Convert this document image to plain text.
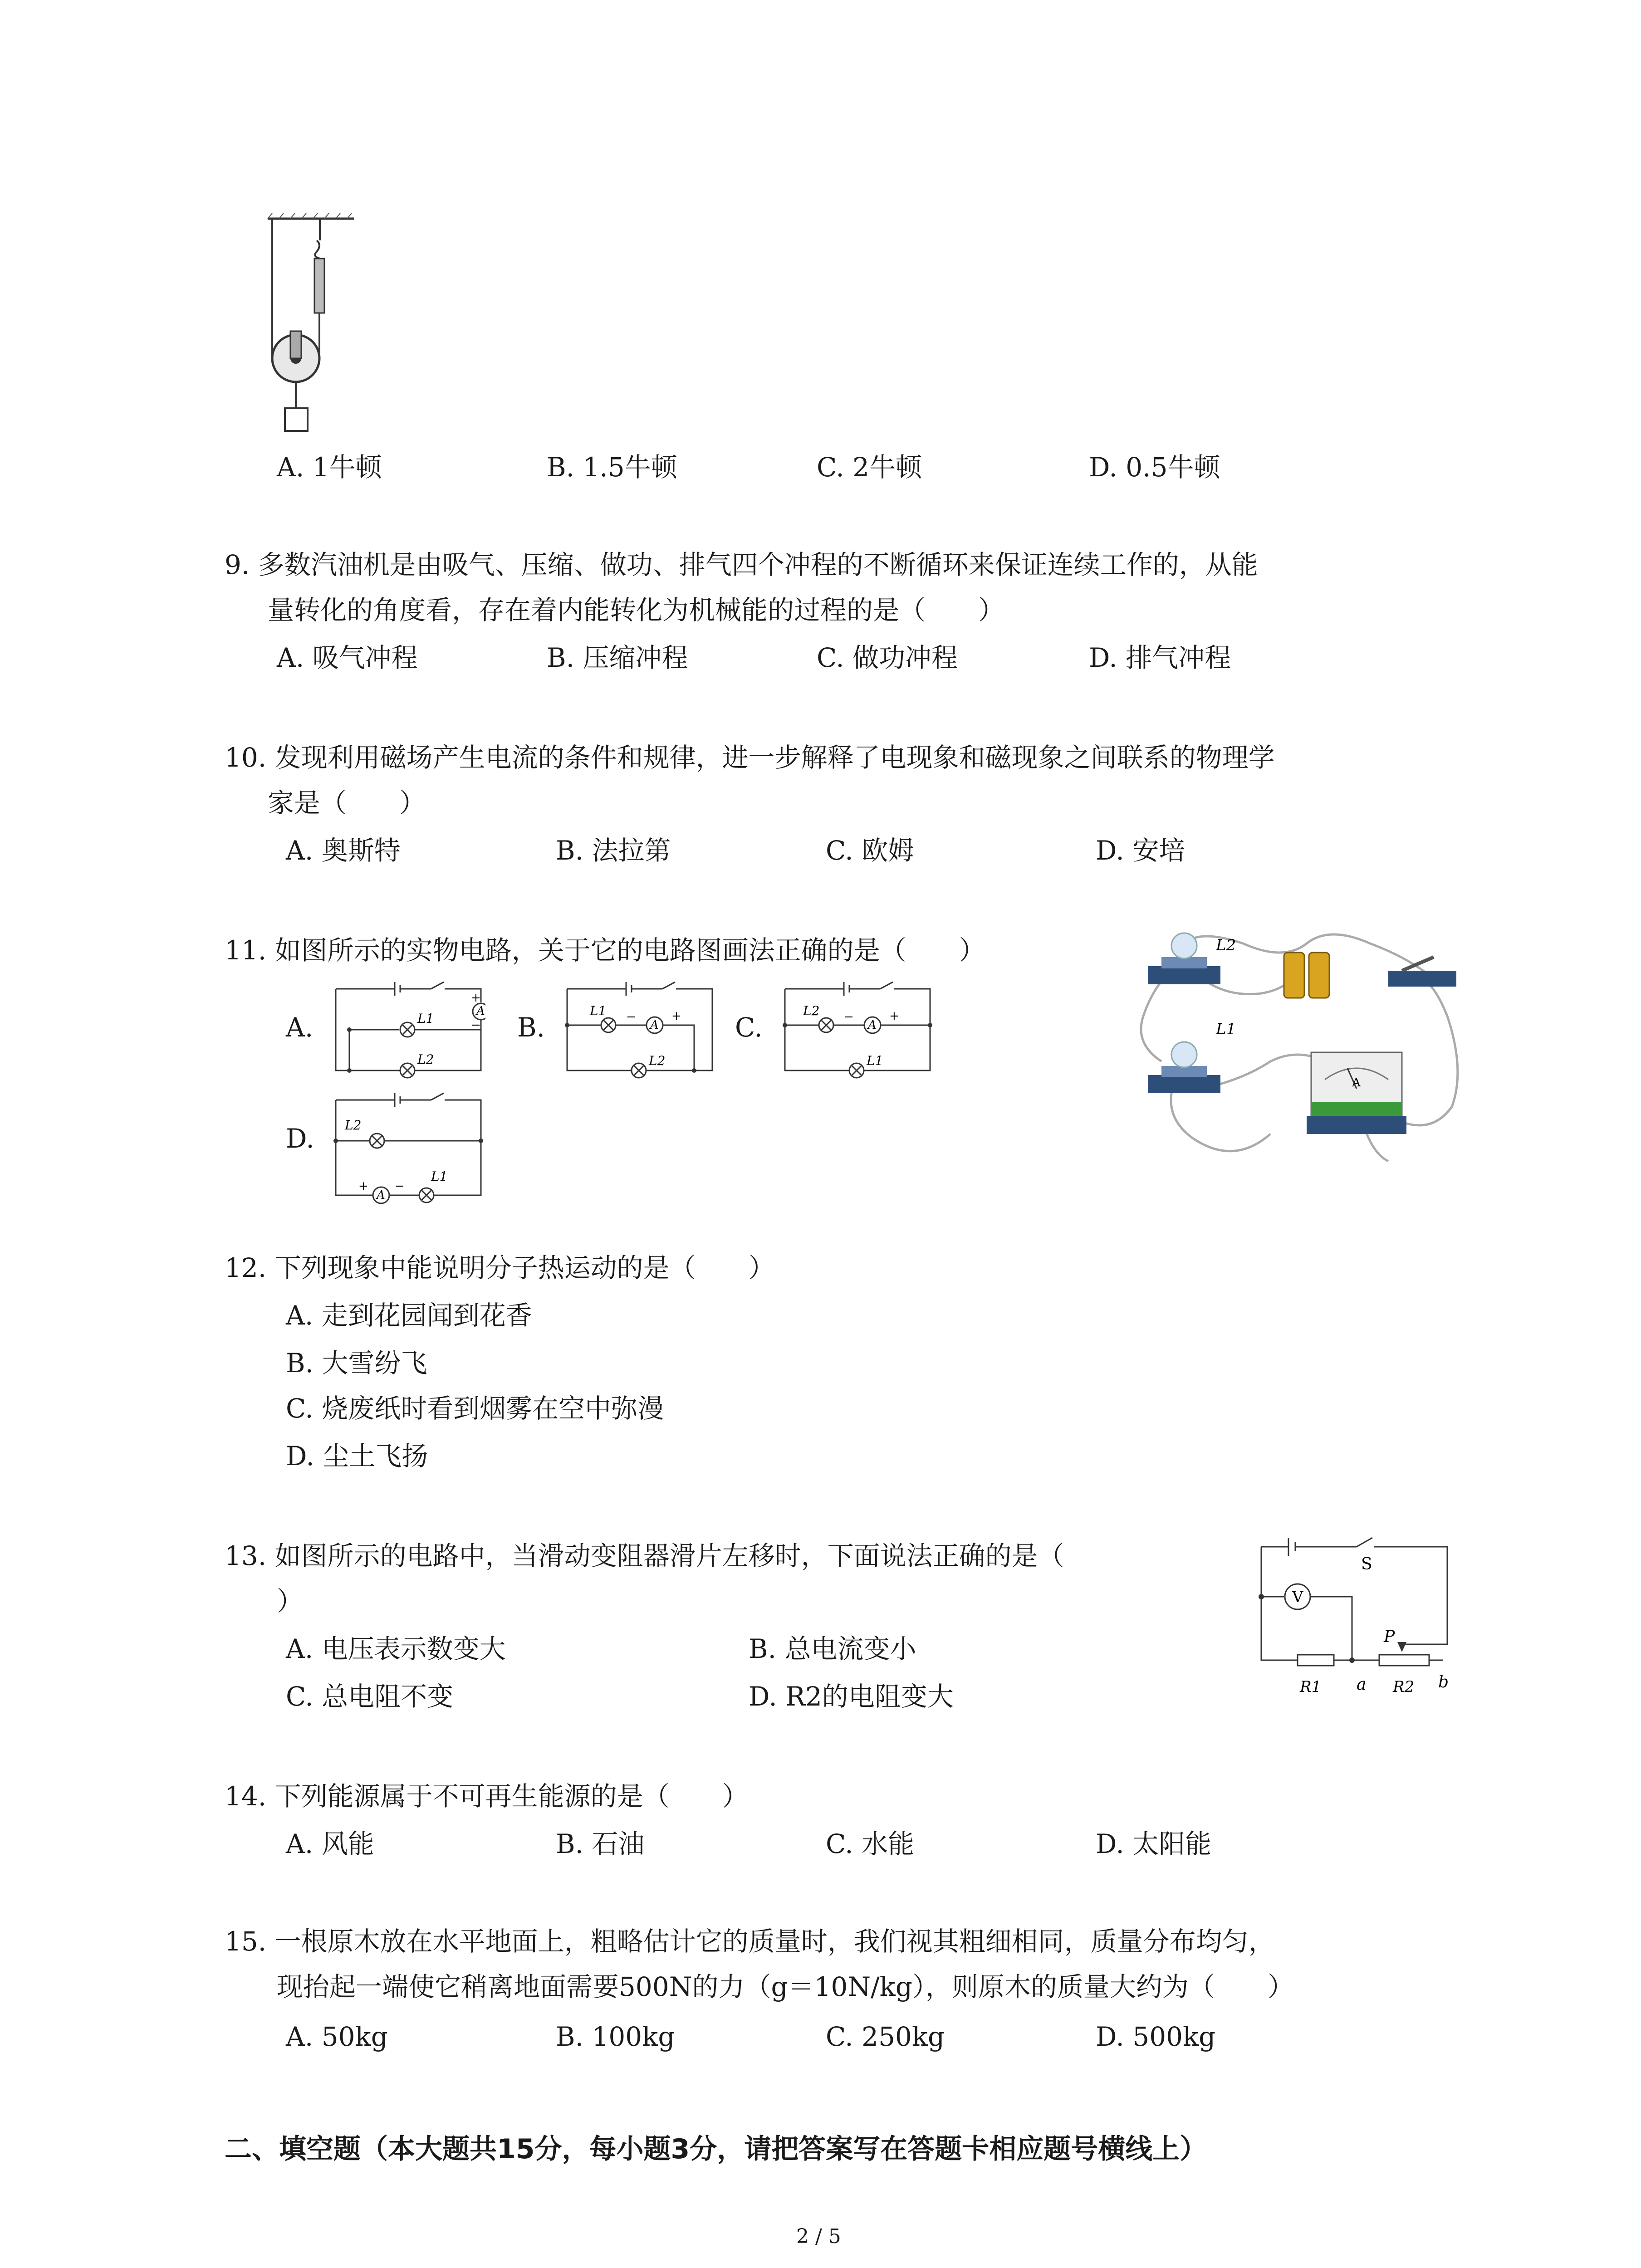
A. 1牛顿	B. 1.5牛顿	C. 2牛顿	D. 0.5牛顿
9. 多数汽油机是由吸气、压缩、做功、排气四个冲程的不断循环来保证连续工作的，从能
量转化的角度看，存在着内能转化为机械能的过程的是（　　）
A. 吸气冲程	B. 压缩冲程	C. 做功冲程	D. 排气冲程
10. 发现利用磁场产生电流的条件和规律，进一步解释了电现象和磁现象之间联系的物理学
家是（　　）
A. 奥斯特	B. 法拉第	C. 欧姆	D. 安培
11. 如图所示的实物电路，关于它的电路图画法正确的是（　　）
A.	B.	C.
D.
A
+
−
L1
L2
A
L1 −	+
L2
A
L2 −	+
L1
A
L2
+ −
L1
L2
L1
A
12. 下列现象中能说明分子热运动的是（　　）
A. 走到花园闻到花香
B. 大雪纷飞
C. 烧废纸时看到烟雾在空中弥漫
D. 尘土飞扬
13. 如图所示的电路中，当滑动变阻器滑片左移时，下面说法正确的是（
）
A. 电压表示数变大	B. 总电流变小
C. 总电阻不变	D. R2的电阻变大
S
V
P
R1 a R2 b
14. 下列能源属于不可再生能源的是（　　）
A. 风能	B. 石油	C. 水能	D. 太阳能
15. 一根原木放在水平地面上，粗略估计它的质量时，我们视其粗细相同，质量分布均匀，
现抬起一端使它稍离地面需要500N的力（g＝10N/kg），则原木的质量大约为（　　）
A. 50kg	B. 100kg	C. 250kg	D. 500kg
二、填空题（本大题共15分，每小题3分，请把答案写在答题卡相应题号横线上）
2 / 5
